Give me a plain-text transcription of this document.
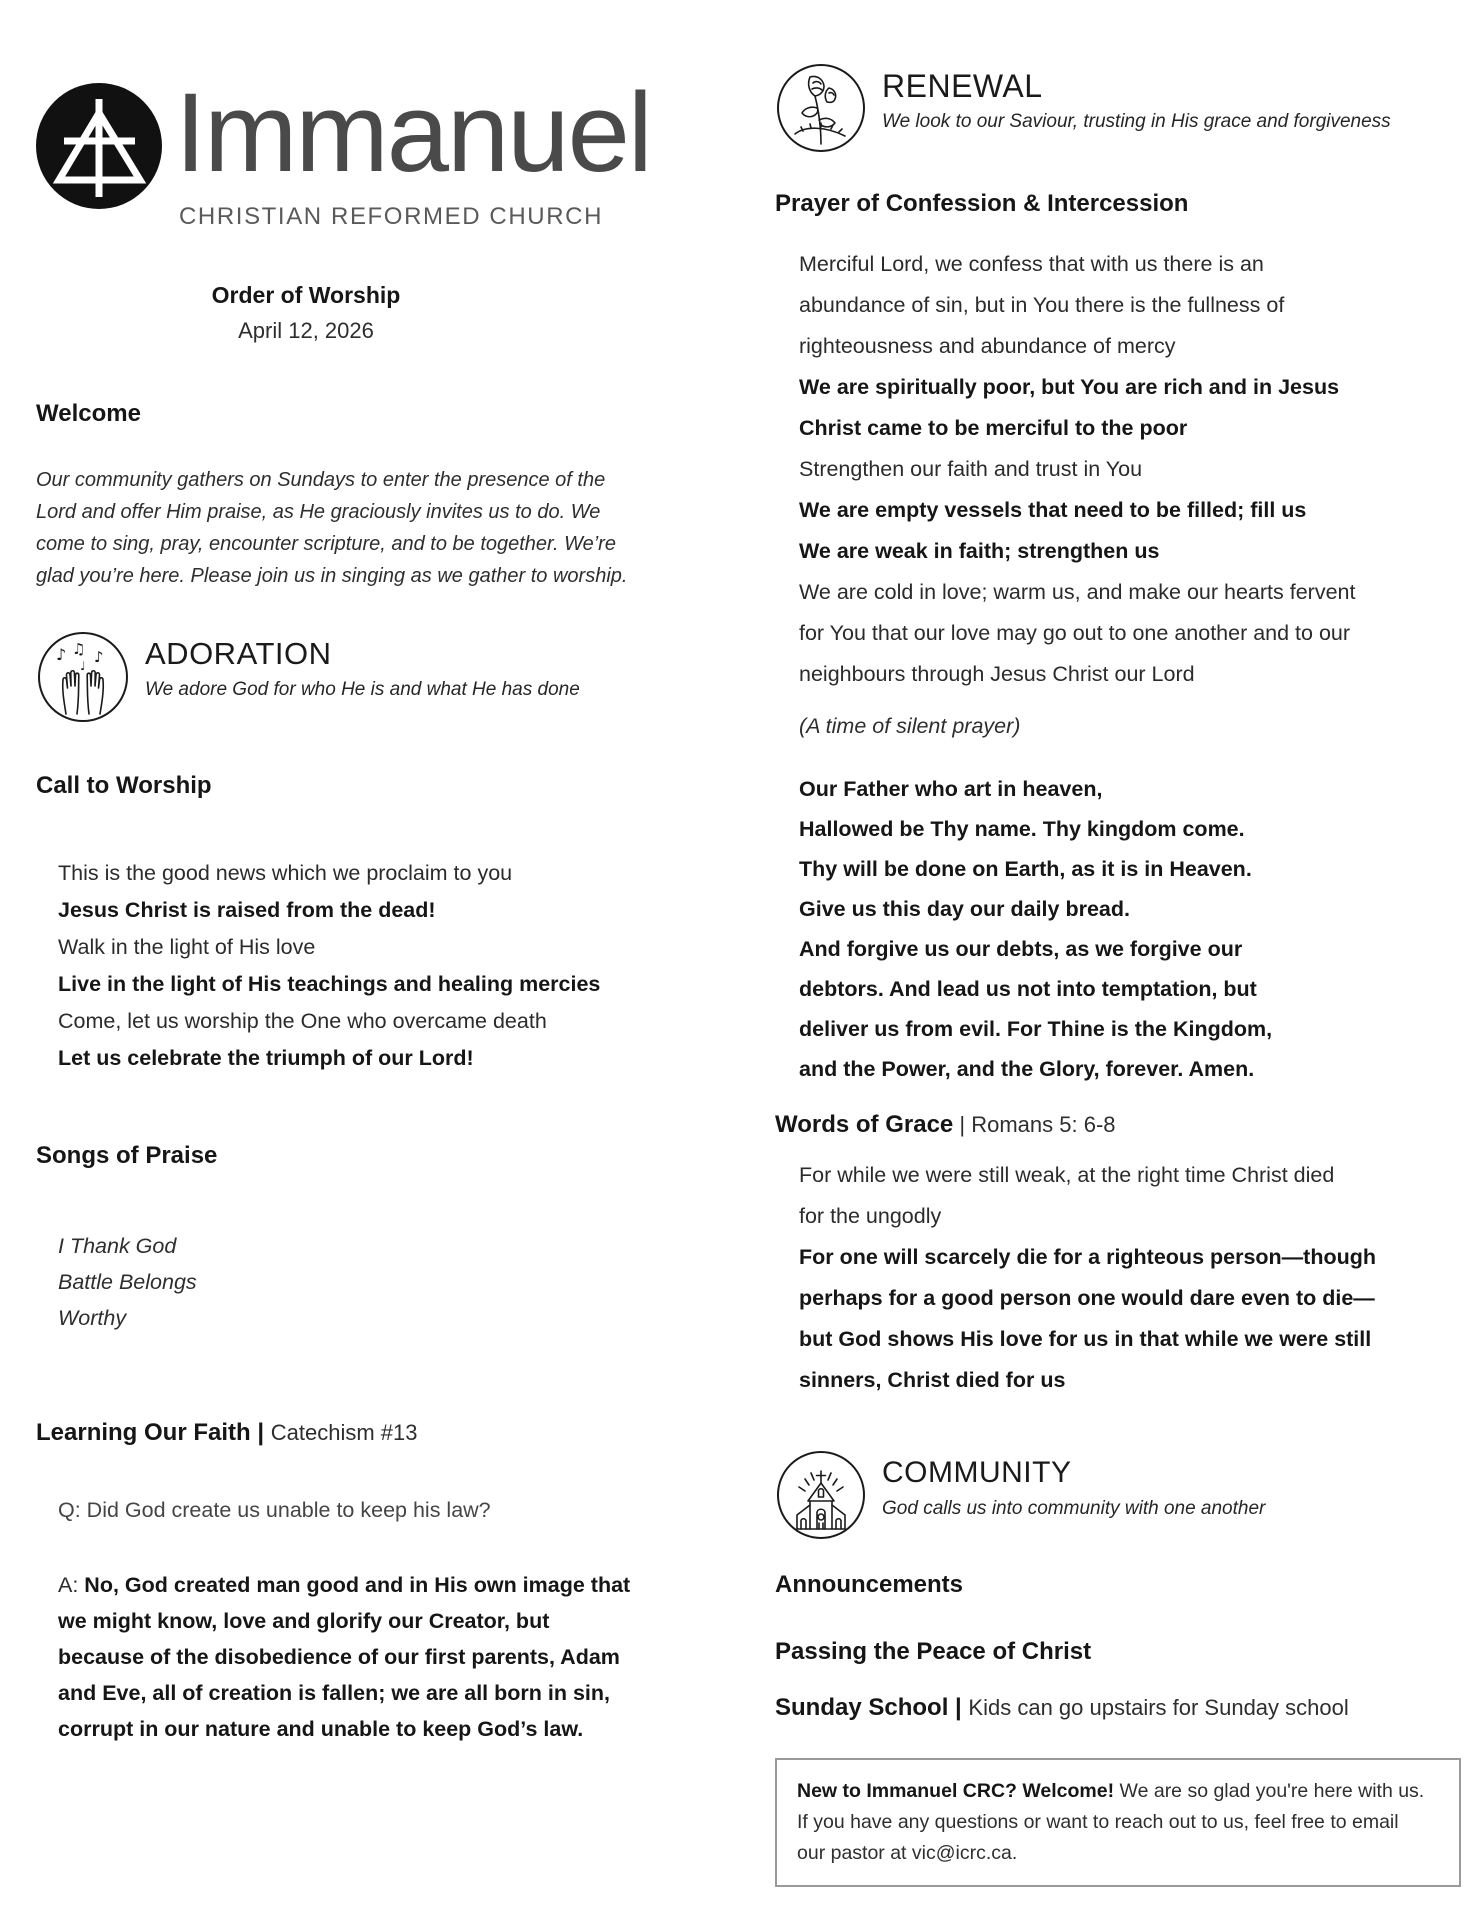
Immanuel
CHRISTIAN REFORMED CHURCH
Order of Worship
April 12, 2026
Welcome
Our community gathers on Sundays to enter the presence of the
Lord and offer Him praise, as He graciously invites us to do. We
come to sing, pray, encounter scripture, and to be together. We’re
glad you’re here. Please join us in singing as we gather to worship.
♪ ♫ ♪
♩ ADORATION
We adore God for who He is and what He has done
Call to Worship
This is the good news which we proclaim to you
Jesus Christ is raised from the dead!
Walk in the light of His love
Live in the light of His teachings and healing mercies
Come, let us worship the One who overcame death
Let us celebrate the triumph of our Lord!
Songs of Praise
I Thank God
Battle Belongs
Worthy
Learning Our Faith | Catechism #13
Q: Did God create us unable to keep his law?
A: No, God created man good and in His own image that
we might know, love and glorify our Creator, but
because of the disobedience of our first parents, Adam
and Eve, all of creation is fallen; we are all born in sin,
corrupt in our nature and unable to keep God’s law.
RENEWAL
We look to our Saviour, trusting in His grace and forgiveness
Prayer of Confession & Intercession
Merciful Lord, we confess that with us there is an
abundance of sin, but in You there is the fullness of
righteousness and abundance of mercy
We are spiritually poor, but You are rich and in Jesus
Christ came to be merciful to the poor
Strengthen our faith and trust in You
We are empty vessels that need to be filled; fill us
We are weak in faith; strengthen us
We are cold in love; warm us, and make our hearts fervent
for You that our love may go out to one another and to our
neighbours through Jesus Christ our Lord
(A time of silent prayer)
Our Father who art in heaven,
Hallowed be Thy name. Thy kingdom come.
Thy will be done on Earth, as it is in Heaven.
Give us this day our daily bread.
And forgive us our debts, as we forgive our
debtors. And lead us not into temptation, but
deliver us from evil. For Thine is the Kingdom,
and the Power, and the Glory, forever. Amen.
Words of Grace | Romans 5: 6-8
For while we were still weak, at the right time Christ died
for the ungodly
For one will scarcely die for a righteous person—though
perhaps for a good person one would dare even to die—
but God shows His love for us in that while we were still
sinners, Christ died for us
COMMUNITY
God calls us into community with one another
Announcements
Passing the Peace of Christ
Sunday School | Kids can go upstairs for Sunday school
New to Immanuel CRC? Welcome! We are so glad you're here with us.
If you have any questions or want to reach out to us, feel free to email
our pastor at vic@icrc.ca.
